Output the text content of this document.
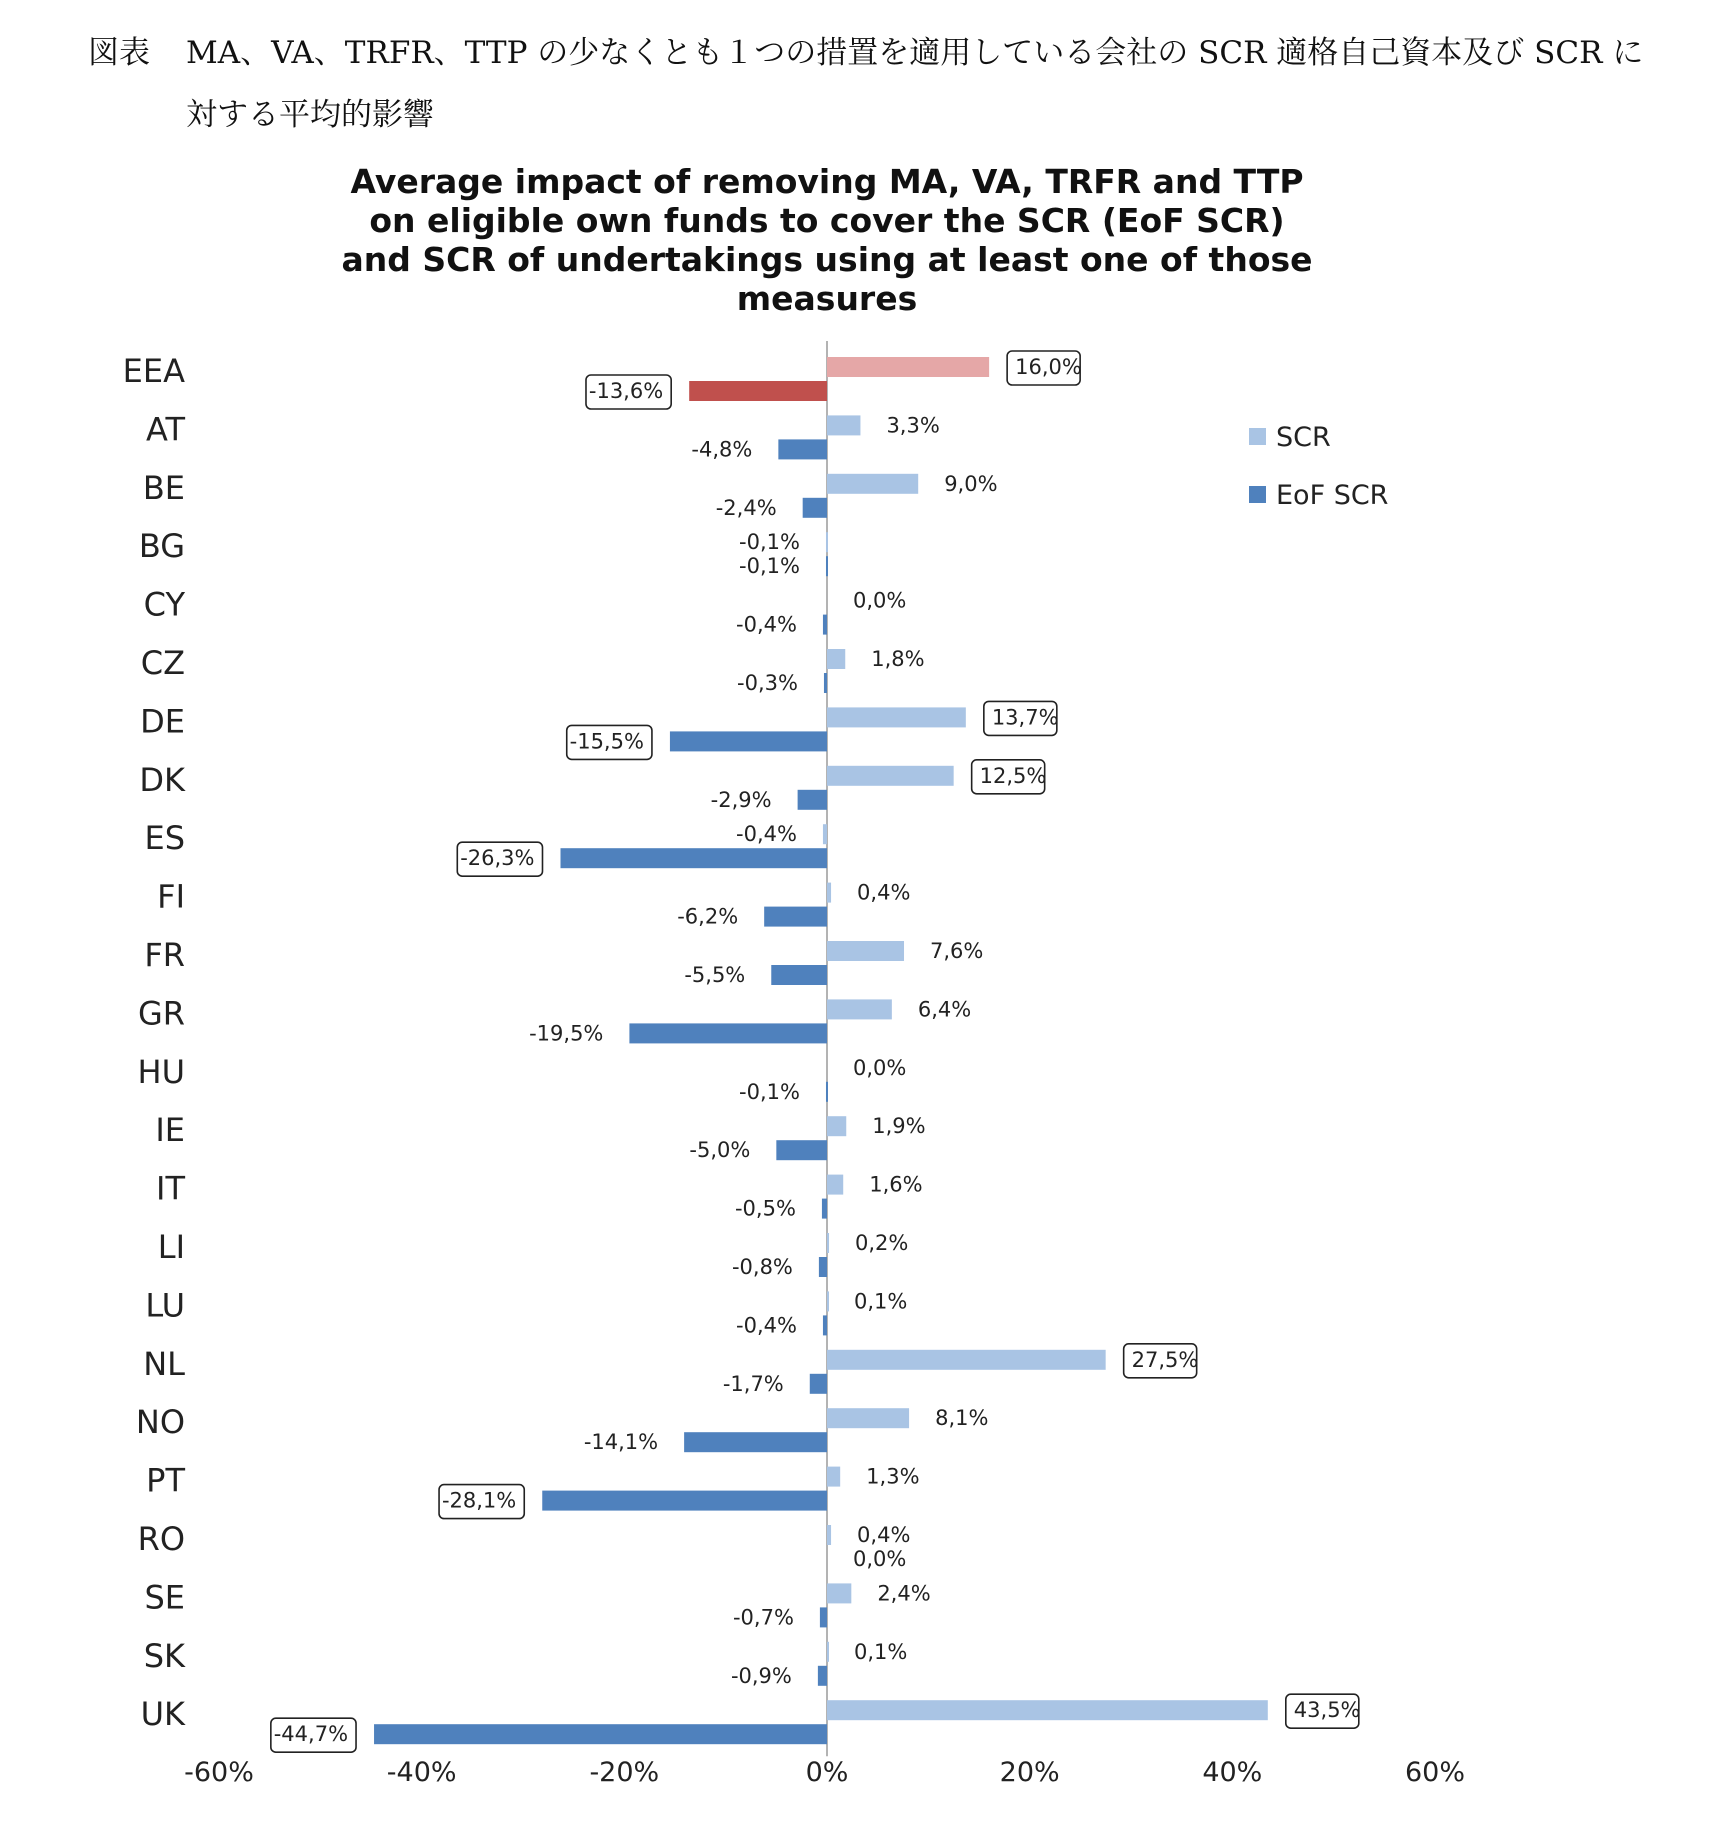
図表 MA、VA、TRFR、TTP の少なくとも１つの措置を適用している会社の SCR 適格自己資本及び SCR に対する平均的影響
Average impact of removing MA, VA, TRFR and TTP
on eligible own funds to cover the SCR (EoF SCR)
and SCR of undertakings using at least one of those
measures
-60%	-40%	-20%	0%	20%	40%	60%
EEA	16,0%
-13,6%
AT	3,3%
-4,8%
BE	9,0%
-2,4%
BG	-0,1%
-0,1%
CY	0,0%
-0,4%
CZ	1,8%
-0,3%
DE	13,7%
-15,5%
DK	12,5%
-2,9%
ES	-0,4%
-26,3%
FI	0,4%
-6,2%
FR	7,6%
-5,5%
GR	6,4%
-19,5%
HU	0,0%
-0,1%
IE	1,9%
-5,0%
IT	1,6%
-0,5%
LI	0,2%
-0,8%
LU	0,1%
-0,4%
NL	27,5%
-1,7%
NO	8,1%
-14,1%
PT	1,3%
-28,1%
RO	0,4%
0,0%
SE	2,4%
-0,7%
SK	0,1%
-0,9%
UK	43,5%
-44,7%
SCR
EoF SCR
